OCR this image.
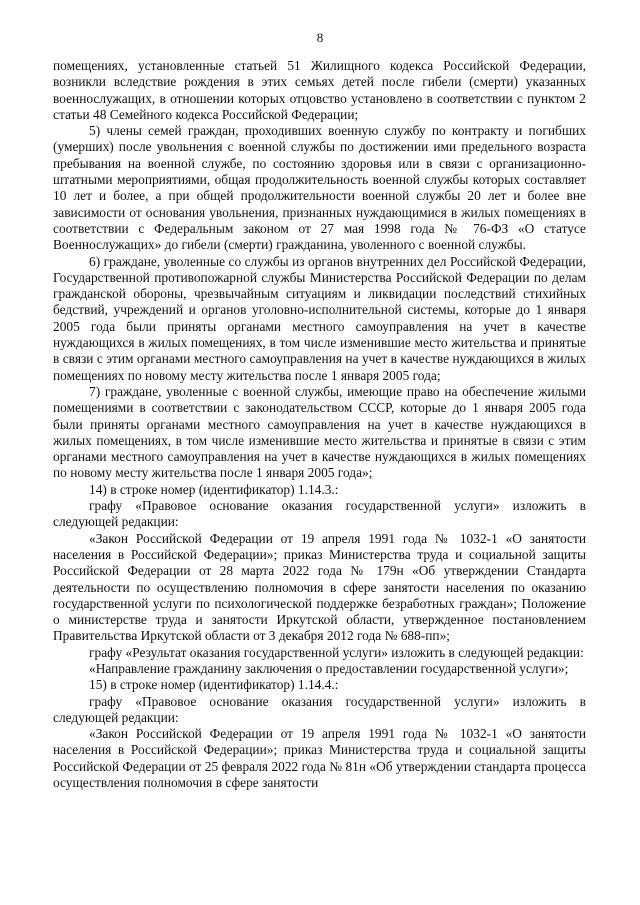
8

помещениях, установленные статьей 51 Жилищного кодекса Российской Федерации, возникли вследствие рождения в этих семьях детей после гибели (смерти) указанных военнослужащих, в отношении которых отцовство установлено в соответствии с пунктом 2 статьи 48 Семейного кодекса Российской Федерации;

5) члены семей граждан, проходивших военную службу по контракту и погибших (умерших) после увольнения с военной службы по достижении ими предельного возраста пребывания на военной службе, по состоянию здоровья или в связи с организационно- штатными мероприятиями, общая продолжительность военной службы которых составляет 10 лет и более, а при общей продолжительности военной службы 20 лет и более вне зависимости от основания увольнения, признанных нуждающимися в жилых помещениях в соответствии с Федеральным законом от 27 мая 1998 года № 76-ФЗ «О статусе Военнослужащих» до гибели (смерти) гражданина, уволенного с военной службы.

6) граждане, уволенные со службы из органов внутренних дел Российской Федерации, Государственной противопожарной службы Министерства Российской Федерации по делам гражданской обороны, чрезвычайным ситуациям и ликвидации последствий стихийных бедствий, учреждений и органов уголовно-исполнительной системы, которые до 1 января 2005 года были приняты органами местного самоуправления на учет в качестве нуждающихся в жилых помещениях, в том числе изменившие место жительства и принятые в связи с этим органами местного самоуправления на учет в качестве нуждающихся в жилых помещениях по новому месту жительства после 1 января 2005 года;

7) граждане, уволенные с военной службы, имеющие право на обеспечение жилыми помещениями в соответствии с законодательством СССР, которые до 1 января 2005 года были приняты органами местного самоуправления на учет в качестве нуждающихся в жилых помещениях, в том числе изменившие место жительства и принятые в связи с этим органами местного самоуправления на учет в качестве нуждающихся в жилых помещениях по новому месту жительства после 1 января 2005 года»;

14) в строке номер (идентификатор) 1.14.3.:

графу «Правовое основание оказания государственной услуги» изложить в следующей редакции:

«Закон Российской Федерации от 19 апреля 1991 года № 1032-1 «О занятости населения в Российской Федерации»; приказ Министерства труда и социальной защиты Российской Федерации от 28 марта 2022 года № 179н «Об утверждении Стандарта деятельности по осуществлению полномочия в сфере занятости населения по оказанию государственной услуги по психологической поддержке безработных граждан»; Положение о министерстве труда и занятости Иркутской области, утвержденное постановлением Правительства Иркутской области от 3 декабря 2012 года № 688-пп»;

графу «Результат оказания государственной услуги» изложить в следующей редакции:

«Направление гражданину заключения о предоставлении государственной услуги»;

15) в строке номер (идентификатор) 1.14.4.:

графу «Правовое основание оказания государственной услуги» изложить в следующей редакции:

«Закон Российской Федерации от 19 апреля 1991 года № 1032-1 «О занятости населения в Российской Федерации»; приказ Министерства труда и социальной защиты Российской Федерации от 25 февраля 2022 года № 81н «Об утверждении стандарта процесса осуществления полномочия в сфере занятости
